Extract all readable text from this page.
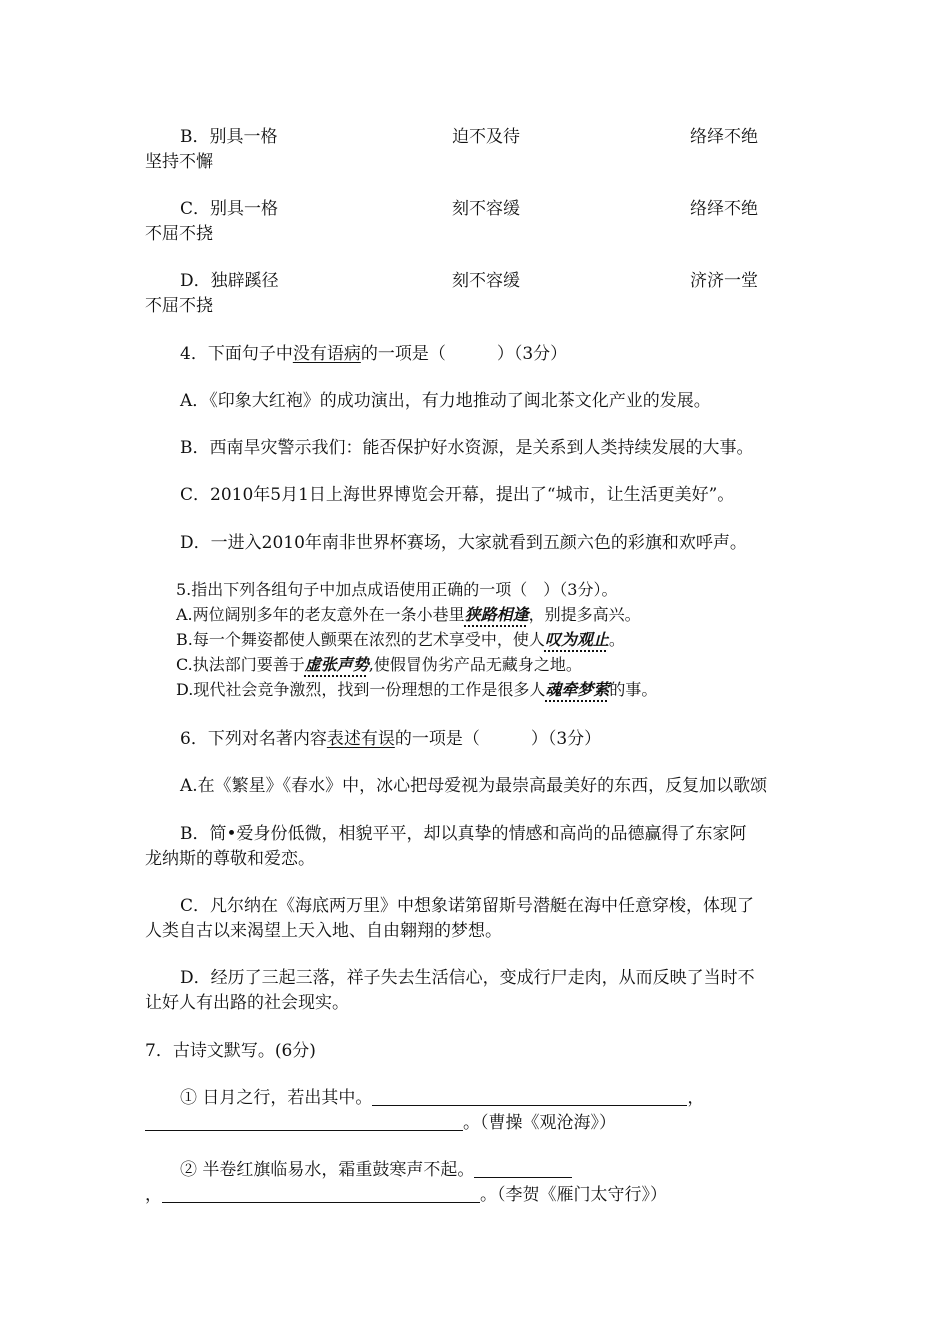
B．别具一格	迫不及待	络绎不绝
坚持不懈
C．别具一格	刻不容缓	络绎不绝
不屈不挠
D．独辟蹊径	刻不容缓	济济一堂
不屈不挠
4．下面句子中没有语病的一项是（　　　）（3分）
A．《印象大红袍》的成功演出，有力地推动了闽北茶文化产业的发展。
B．西南旱灾警示我们：能否保护好水资源，是关系到人类持续发展的大事。
C．2010年5月1日上海世界博览会开幕，提出了“城市，让生活更美好”。
D．一进入2010年南非世界杯赛场，大家就看到五颜六色的彩旗和欢呼声。
5.指出下列各组句子中加点成语使用正确的一项（　）（3分）。
A.两位阔别多年的老友意外在一条小巷里狭路相逢，别提多高兴。
B.每一个舞姿都使人颤栗在浓烈的艺术享受中，使人叹为观止。
C.执法部门要善于虚张声势,使假冒伪劣产品无藏身之地。
D.现代社会竞争激烈，找到一份理想的工作是很多人魂牵梦萦的事。
6．下列对名著内容表述有误的一项是（　　　）（3分）
A.在《繁星》《春水》中，冰心把母爱视为最崇高最美好的东西，反复加以歌颂
B．简•爱身份低微，相貌平平，却以真挚的情感和高尚的品德赢得了东家阿
龙纳斯的尊敬和爱恋。
C．凡尔纳在《海底两万里》中想象诺第留斯号潜艇在海中任意穿梭，体现了
人类自古以来渴望上天入地、自由翱翔的梦想。
D．经历了三起三落，祥子失去生活信心，变成行尸走肉，从而反映了当时不
让好人有出路的社会现实。
7．古诗文默写。(6分)
① 日月之行，若出其中。	，
。（曹操《观沧海》）
② 半卷红旗临易水，霜重鼓寒声不起。
，	。（李贺《雁门太守行》）
